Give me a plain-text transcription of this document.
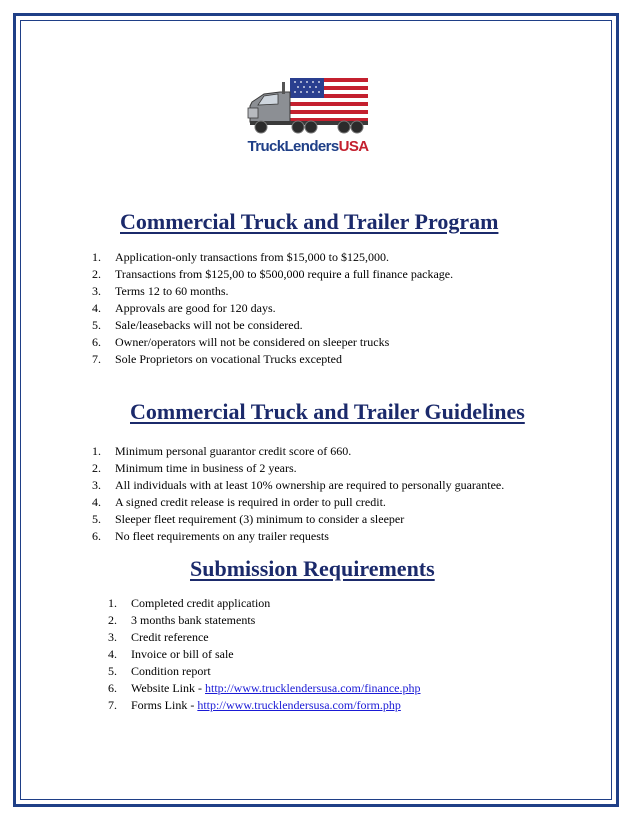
TruckLendersUSA
Commercial Truck and Trailer Program
1. Application-only transactions from $15,000 to $125,000.
2. Transactions from $125,00 to $500,000 require a full finance package.
3. Terms 12 to 60 months.
4. Approvals are good for 120 days.
5. Sale/leasebacks will not be considered.
6. Owner/operators will not be considered on sleeper trucks
7. Sole Proprietors on vocational Trucks excepted
Commercial Truck and Trailer Guidelines
1. Minimum personal guarantor credit score of 660.
2. Minimum time in business of 2 years.
3. All individuals with at least 10% ownership are required to personally guarantee.
4. A signed credit release is required in order to pull credit.
5. Sleeper fleet requirement (3) minimum to consider a sleeper
6. No fleet requirements on any trailer requests
Submission Requirements
1. Completed credit application
2. 3 months bank statements
3. Credit reference
4. Invoice or bill of sale
5. Condition report
6. Website Link - http://www.trucklendersusa.com/finance.php
7. Forms Link - http://www.trucklendersusa.com/form.php
